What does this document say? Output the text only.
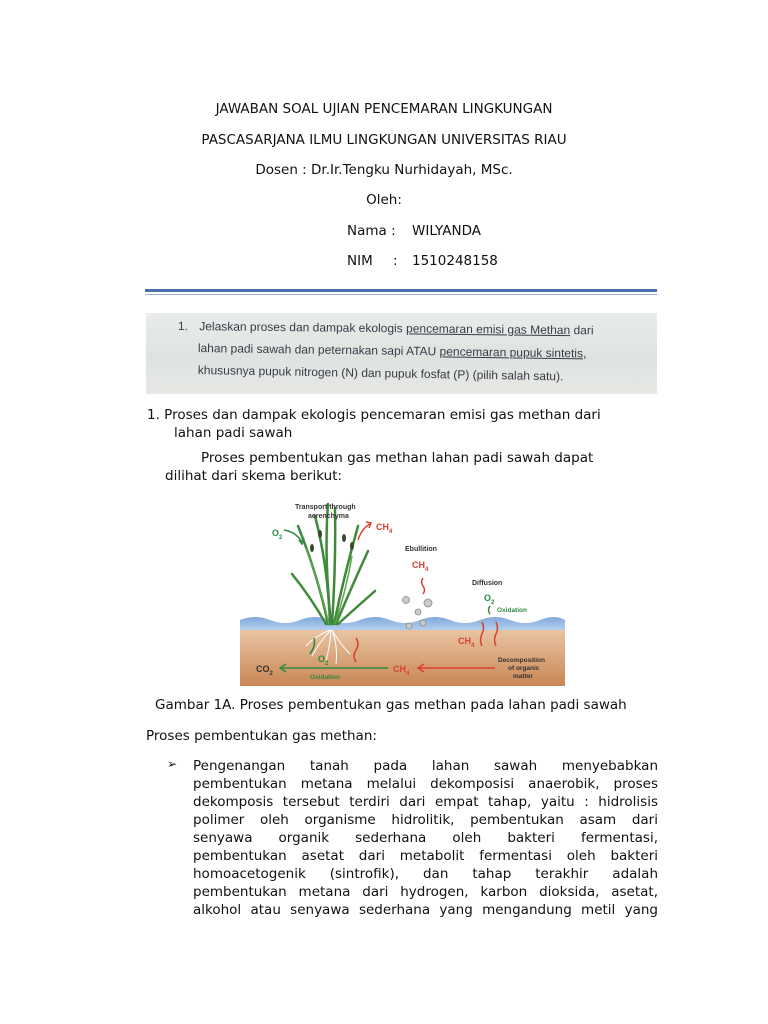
JAWABAN SOAL UJIAN PENCEMARAN LINGKUNGAN
PASCASARJANA ILMU LINGKUNGAN UNIVERSITAS RIAU
Dosen : Dr.Ir.Tengku Nurhidayah, MSc.
Oleh:
Nama : WILYANDA
NIM : 1510248158
1. Jelaskan proses dan dampak ekologis pencemaran emisi gas Methan dari
lahan padi sawah dan peternakan sapi ATAU pencemaran pupuk sintetis,
khususnya pupuk nitrogen (N) dan pupuk fosfat (P) (pilih salah satu).
1. Proses dan dampak ekologis pencemaran emisi gas methan dari
lahan padi sawah
Proses pembentukan gas methan lahan padi sawah dapat
dilihat dari skema berikut:
Transport through
aerenchyma
$O_2$
$CH_4$
Ebullition
$CH_4$
Diffusion
$O_2$
Oxidation
$CH_4$
Decomposition
of organic
matter
$CH_4$
$CO_2$	Oxidation
$O_2$
Gambar 1A. Proses pembentukan gas methan pada lahan padi sawah
Proses pembentukan gas methan:
➢ Pengenangan tanah pada lahan sawah menyebabkan
pembentukan metana melalui dekomposisi anaerobik, proses
dekomposis tersebut terdiri dari empat tahap, yaitu : hidrolisis
polimer oleh organisme hidrolitik, pembentukan asam dari
senyawa organik sederhana oleh bakteri fermentasi,
pembentukan asetat dari metabolit fermentasi oleh bakteri
homoacetogenik (sintrofik), dan tahap terakhir adalah
pembentukan metana dari hydrogen, karbon dioksida, asetat,
alkohol atau senyawa sederhana yang mengandung metil yang
